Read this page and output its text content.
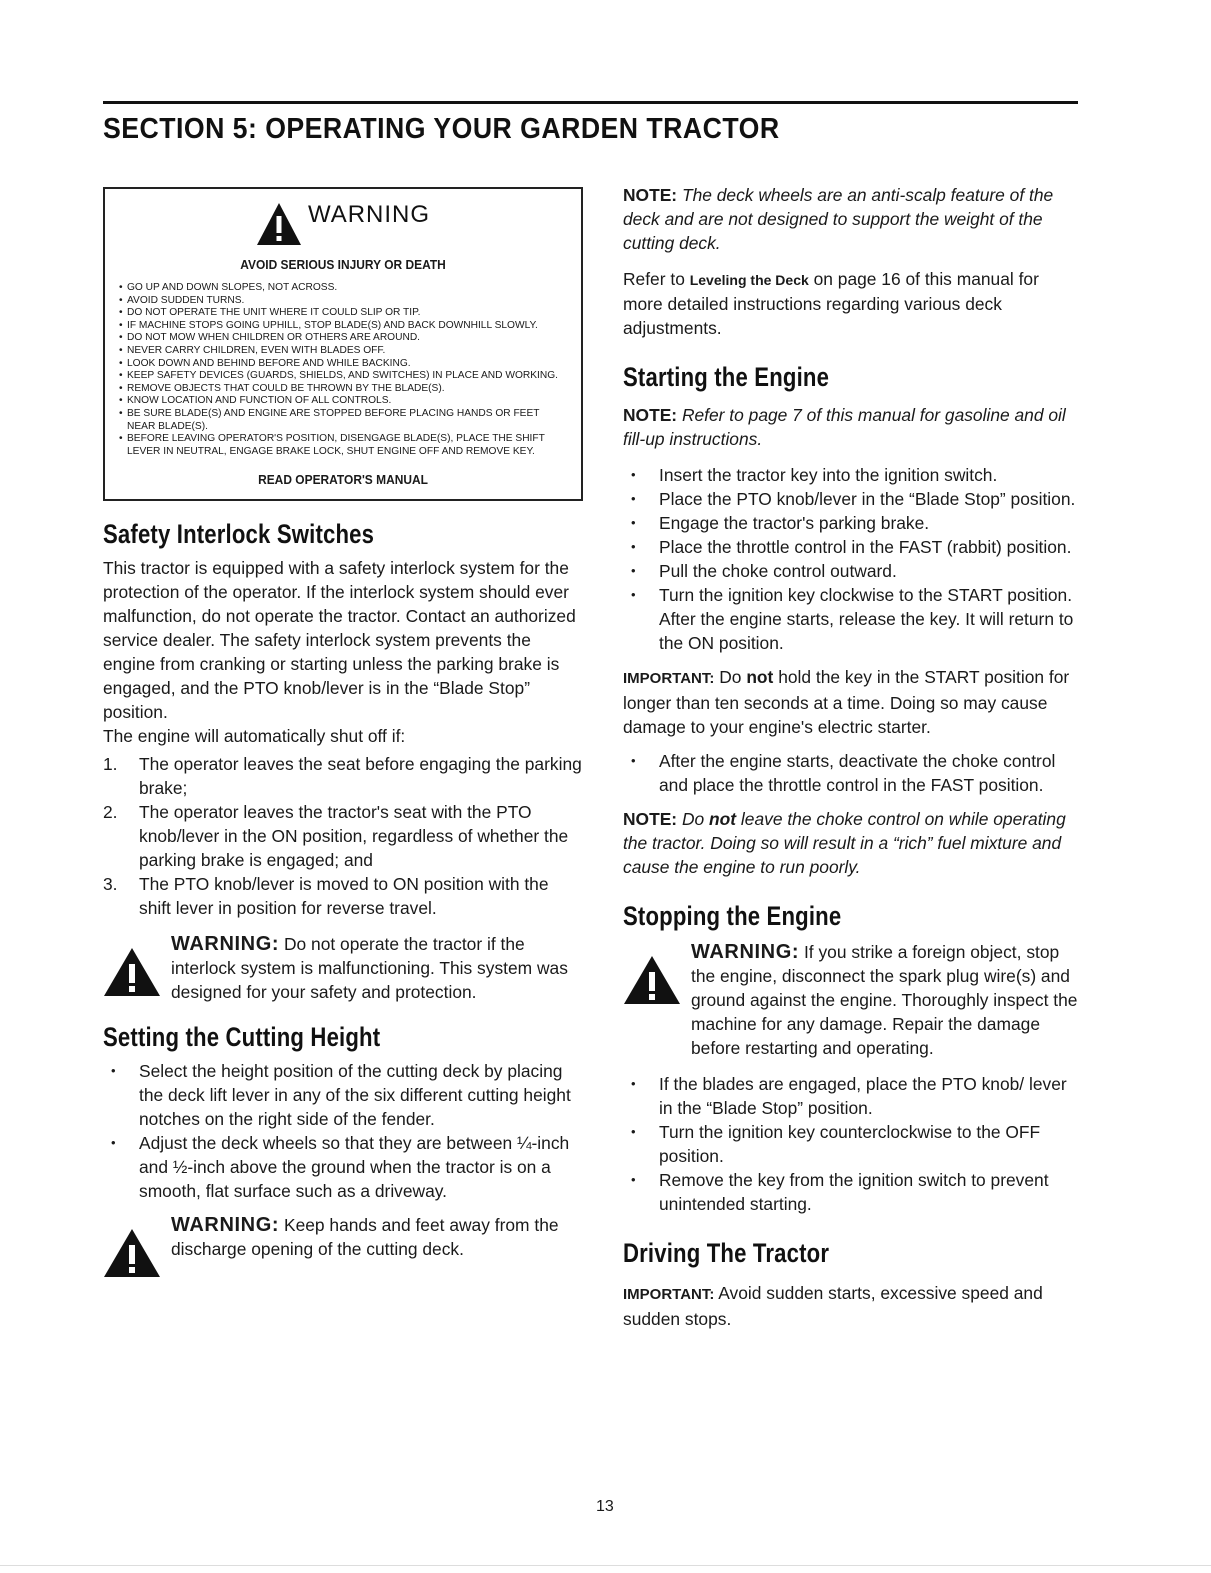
SECTION 5: OPERATING YOUR GARDEN TRACTOR
WARNING
AVOID SERIOUS INJURY OR DEATH
• GO UP AND DOWN SLOPES, NOT ACROSS.
• AVOID SUDDEN TURNS.
• DO NOT OPERATE THE UNIT WHERE IT COULD SLIP OR TIP.
• IF MACHINE STOPS GOING UPHILL, STOP BLADE(S) AND BACK DOWNHILL SLOWLY.
• DO NOT MOW WHEN CHILDREN OR OTHERS ARE AROUND.
• NEVER CARRY CHILDREN, EVEN WITH BLADES OFF.
• LOOK DOWN AND BEHIND BEFORE AND WHILE BACKING.
• KEEP SAFETY DEVICES (GUARDS, SHIELDS, AND SWITCHES) IN PLACE AND WORKING.
• REMOVE OBJECTS THAT COULD BE THROWN BY THE BLADE(S).
• KNOW LOCATION AND FUNCTION OF ALL CONTROLS.
• BE SURE BLADE(S) AND ENGINE ARE STOPPED BEFORE PLACING HANDS OR FEET NEAR BLADE(S).
• BEFORE LEAVING OPERATOR'S POSITION, DISENGAGE BLADE(S), PLACE THE SHIFT LEVER IN NEUTRAL, ENGAGE BRAKE LOCK, SHUT ENGINE OFF AND REMOVE KEY.
READ OPERATOR'S MANUAL
Safety Interlock Switches

This tractor is equipped with a safety interlock system for the protection of the operator. If the interlock system should ever malfunction, do not operate the tractor. Contact an authorized service dealer. The safety interlock system prevents the engine from cranking or starting unless the parking brake is engaged, and the PTO knob/lever is in the “Blade Stop” position.

The engine will automatically shut off if:

1. The operator leaves the seat before engaging the parking brake;
2. The operator leaves the tractor's seat with the PTO knob/lever in the ON position, regardless of whether the parking brake is engaged; and
3. The PTO knob/lever is moved to ON position with the shift lever in position for reverse travel.
WARNING: Do not operate the tractor if the interlock system is malfunctioning. This system was designed for your safety and protection.
Setting the Cutting Height
• Select the height position of the cutting deck by placing the deck lift lever in any of the six different cutting height notches on the right side of the fender.
• Adjust the deck wheels so that they are between ¼-inch and ½-inch above the ground when the tractor is on a smooth, flat surface such as a driveway.
WARNING: Keep hands and feet away from the discharge opening of the cutting deck.

NOTE: The deck wheels are an anti-scalp feature of the deck and are not designed to support the weight of the cutting deck.

Refer to Leveling the Deck on page 16 of this manual for more detailed instructions regarding various deck adjustments.

Starting the Engine

NOTE: Refer to page 7 of this manual for gasoline and oil fill-up instructions.

• Insert the tractor key into the ignition switch.
• Place the PTO knob/lever in the “Blade Stop” position.
• Engage the tractor's parking brake.
• Place the throttle control in the FAST (rabbit) position.
• Pull the choke control outward.
• Turn the ignition key clockwise to the START position. After the engine starts, release the key. It will return to the ON position.

IMPORTANT: Do not hold the key in the START position for longer than ten seconds at a time. Doing so may cause damage to your engine's electric starter.

• After the engine starts, deactivate the choke control and place the throttle control in the FAST position.

NOTE: Do not leave the choke control on while operating the tractor. Doing so will result in a “rich” fuel mixture and cause the engine to run poorly.

Stopping the Engine
WARNING: If you strike a foreign object, stop the engine, disconnect the spark plug wire(s) and ground against the engine. Thoroughly inspect the machine for any damage. Repair the damage before restarting and operating.
• If the blades are engaged, place the PTO knob/ lever in the “Blade Stop” position.
• Turn the ignition key counterclockwise to the OFF position.
• Remove the key from the ignition switch to prevent unintended starting.
Driving The Tractor

IMPORTANT: Avoid sudden starts, excessive speed and sudden stops.

13
